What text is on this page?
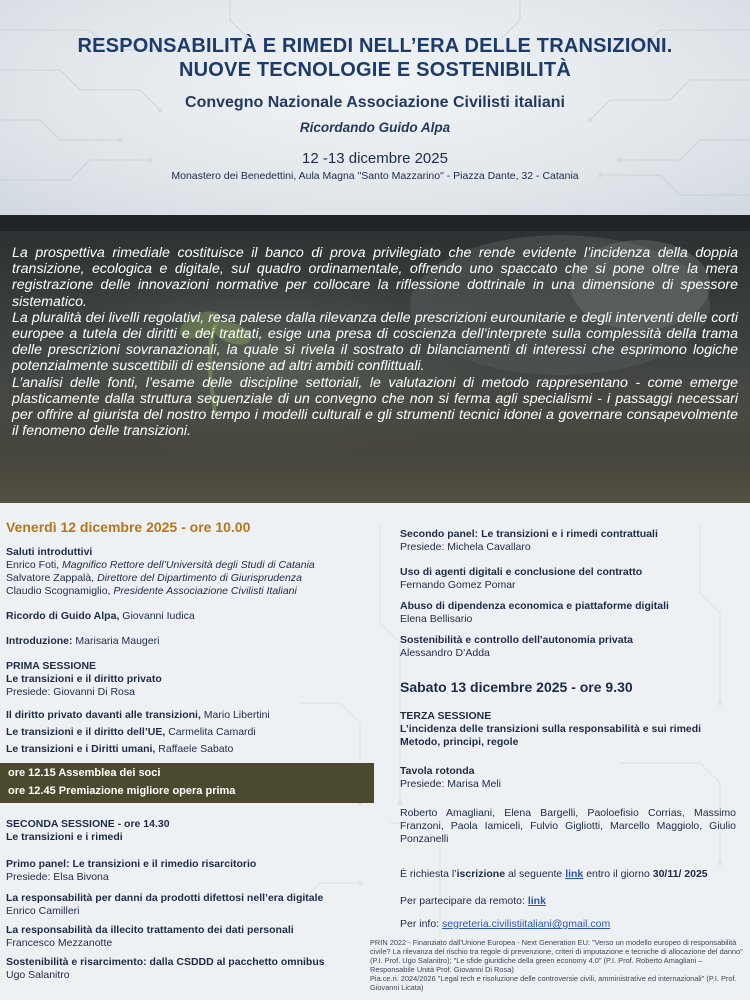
RESPONSABILITÀ E RIMEDI NELL’ERA DELLE TRANSIZIONI.
NUOVE TECNOLOGIE E SOSTENIBILITÀ
Convegno Nazionale Associazione Civilisti italiani
Ricordando Guido Alpa
12 -13 dicembre 2025
Monastero dei Benedettini, Aula Magna "Santo Mazzarino" - Piazza Dante, 32 - Catania

La prospettiva rimediale costituisce il banco di prova privilegiato che rende evidente l’incidenza della doppia transizione, ecologica e digitale, sul quadro ordinamentale, offrendo uno spaccato che si pone oltre la mera registrazione delle innovazioni normative per collocare la riflessione dottrinale in una dimensione di spessore sistematico.

La pluralità dei livelli regolativi, resa palese dalla rilevanza delle prescrizioni eurounitarie e degli interventi delle corti europee a tutela dei diritti e dei trattati, esige una presa di coscienza dell’interprete sulla complessità della trama delle prescrizioni sovranazionali, la quale si rivela il sostrato di bilanciamenti di interessi che esprimono logiche potenzialmente suscettibili di estensione ad altri ambiti conflittuali.

L’analisi delle fonti, l’esame delle discipline settoriali, le valutazioni di metodo rappresentano - come emerge plasticamente dalla struttura sequenziale di un convegno che non si ferma agli specialismi - i passaggi necessari per offrire al giurista del nostro tempo i modelli culturali e gli strumenti tecnici idonei a governare consapevolmente il fenomeno delle transizioni.

ore 12.15 Assemblea dei soci
ore 12.45 Premiazione migliore opera prima
Venerdì 12 dicembre 2025 - ore 10.00
Saluti introduttivi
Enrico Foti, Magnifico Rettore dell’Università degli Studi di Catania
Salvatore Zappalà, Direttore del Dipartimento di Giurisprudenza
Claudio Scognamiglio, Presidente Associazione Civilisti Italiani
Ricordo di Guido Alpa, Giovanni Iudica
Introduzione: Marisaria Maugeri
PRIMA SESSIONE
Le transizioni e il diritto privato
Presiede: Giovanni Di Rosa
Il diritto privato davanti alle transizioni, Mario Libertini
Le transizioni e il diritto dell’UE, Carmelita Camardi
Le transizioni e i Diritti umani, Raffaele Sabato
SECONDA SESSIONE - ore 14.30
Le transizioni e i rimedi
Primo panel: Le transizioni e il rimedio risarcitorio
Presiede: Elsa Bivona
La responsabilità per danni da prodotti difettosi nell’era digitale
Enrico Camilleri
La responsabilità da illecito trattamento dei dati personali
Francesco Mezzanotte
Sostenibilità e risarcimento: dalla CSDDD al pacchetto omnibus
Ugo Salanitro
Secondo panel: Le transizioni e i rimedi contrattuali
Presiede: Michela Cavallaro
Uso di agenti digitali e conclusione del contratto
Fernando Gomez Pomar
Abuso di dipendenza economica e piattaforme digitali
Elena Bellisario
Sostenibilità e controllo dell'autonomia privata
Alessandro D’Adda
Sabato 13 dicembre 2025 - ore 9.30
TERZA SESSIONE
L’incidenza delle transizioni sulla responsabilità e sui rimedi
Metodo, principi, regole
Tavola rotonda
Presiede: Marisa Meli
Roberto Amagliani, Elena Bargelli, Paoloefisio Corrias, Massimo Franzoni, Paola Iamiceli, Fulvio Gigliotti, Marcello Maggiolo, Giulio Ponzanelli
È richiesta l’iscrizione al seguente link entro il giorno 30/11/ 2025
Per partecipare da remoto: link
Per info: segreteria.civilistiitaliani@gmail.com

PRIN 2022 - Finanziato dall'Unione Europea - Next Generation EU: "Verso un modello europeo di responsabilità civile? La rilevanza del rischio tra regole di prevenzione, criteri di imputazione e tecniche di allocazione del danno" (P.I. Prof. Ugo Salanitro); "Le sfide giuridiche della green economy 4.0" (P.I. Prof. Roberto Amagliani – Responsabile Unità Prof. Giovanni Di Rosa)

Pia.ce.ri. 2024/2026 "Legal tech e risoluzione delle controversie civili, amministrative ed internazionali" (P.I. Prof. Giovanni Licata)
